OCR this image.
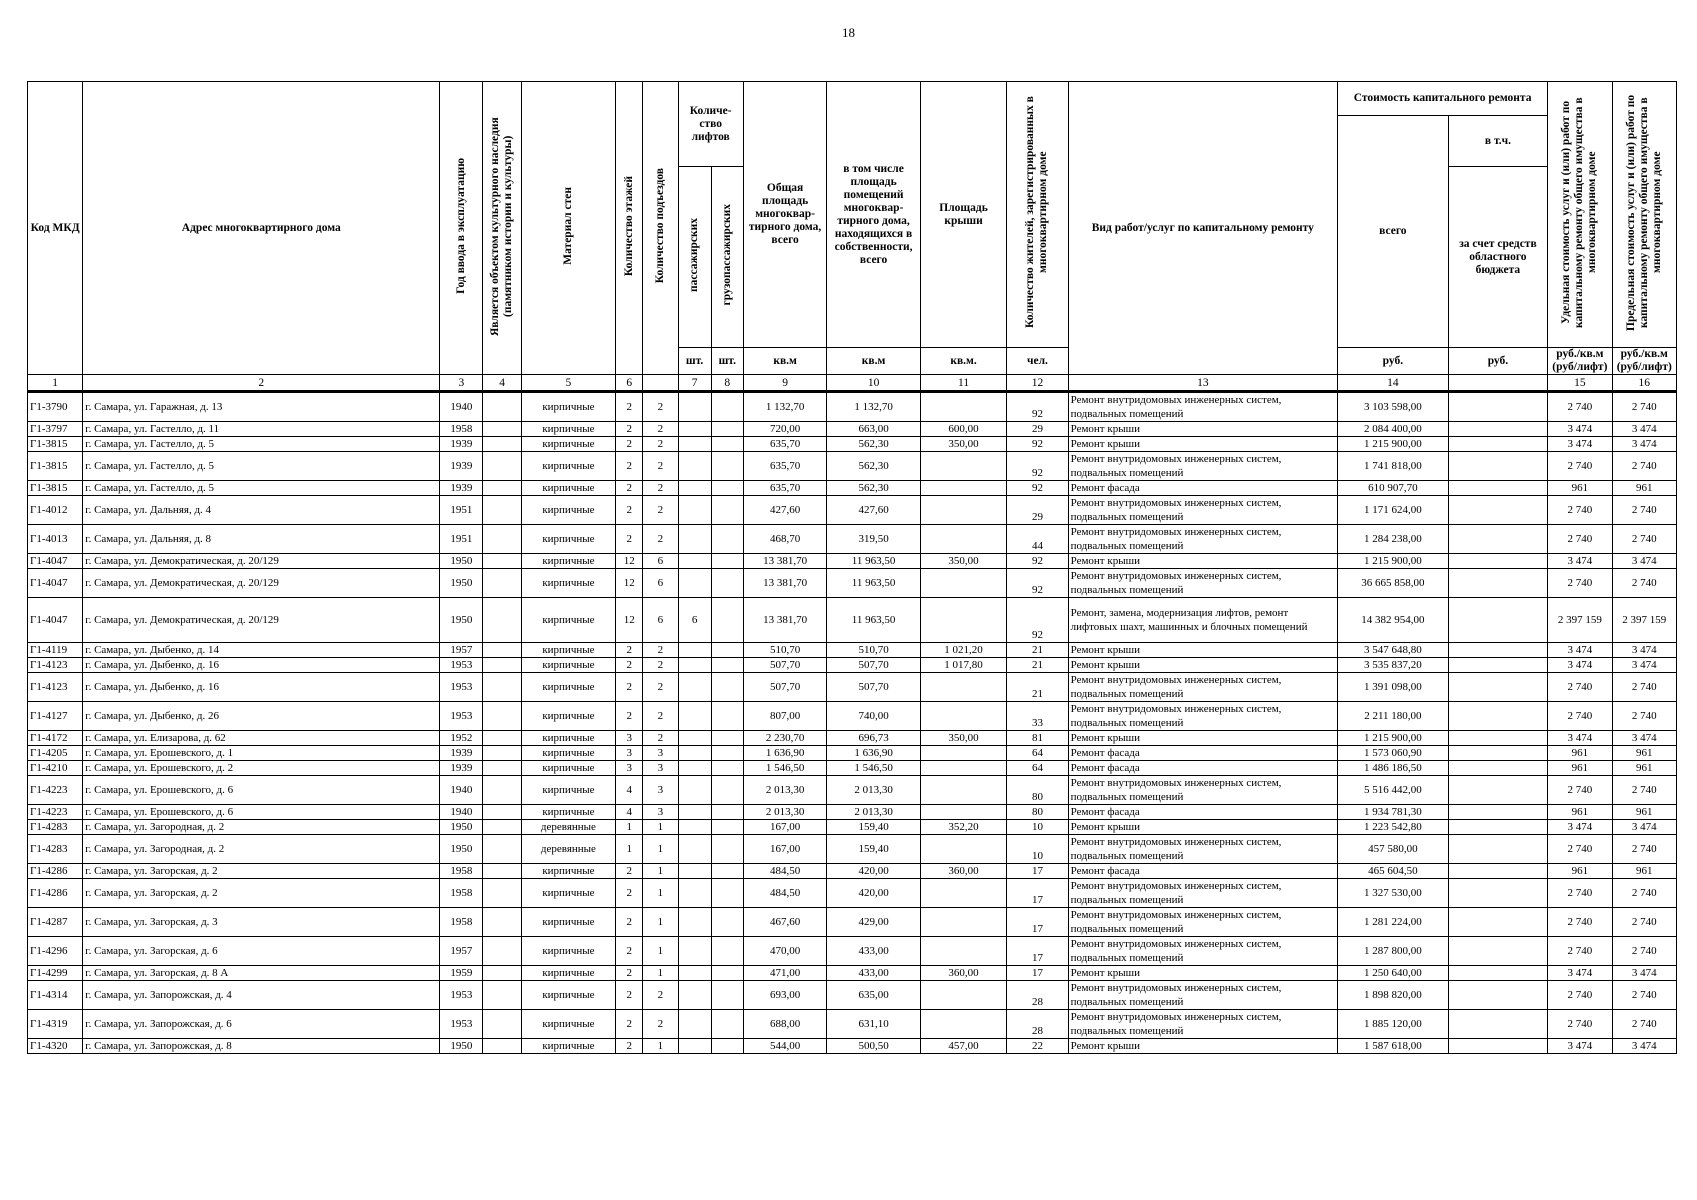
18
Код МКД	Адрес многоквартирного дома	Год ввода в эксплуатацию	Является объектом культурного наследия (памятником истории и культуры)	Материал стен	Количество этажей	Количество подъездов	Количе-ство лифтов		Общая площадь многоквар-тирного дома, всего	в том числе площадь помещений многоквар-тирного дома, находящихся в собственности, всего	Площадь крыши	Количество жителей, зарегистрированных в многоквартирном доме	Вид работ/услуг по капитальному ремонту	Стоимость капитального ремонта		Удельная стоимость услуг и (или) работ по капитальному ремонту общего имущества в многоквартирном доме	Предельная стоимость услуг и (или) работ по капитальному ремонту общего имущества в многоквартирном доме
														всего	в т.ч.		
							пассажирских	грузопассажирских							за счет средств областного бюджета		
							шт.	шт.	кв.м	кв.м	кв.м.	чел.		руб.	руб.	руб./кв.м (руб/лифт)	руб./кв.м (руб/лифт)
1	2	3	4	5	6		7	8	9	10	11	12	13	14		15	16
Г1-3790	г. Самара, ул. Гаражная, д. 13	1940		кирпичные	2	2			1 132,70	1 132,70		92	Ремонт внутридомовых инженерных систем, подвальных помещений	3 103 598,00		2 740	2 740
Г1-3797	г. Самара, ул. Гастелло, д. 11	1958		кирпичные	2	2			720,00	663,00	600,00	29	Ремонт крыши	2 084 400,00		3 474	3 474
Г1-3815	г. Самара, ул. Гастелло, д. 5	1939		кирпичные	2	2			635,70	562,30	350,00	92	Ремонт крыши	1 215 900,00		3 474	3 474
Г1-3815	г. Самара, ул. Гастелло, д. 5	1939		кирпичные	2	2			635,70	562,30		92	Ремонт внутридомовых инженерных систем, подвальных помещений	1 741 818,00		2 740	2 740
Г1-3815	г. Самара, ул. Гастелло, д. 5	1939		кирпичные	2	2			635,70	562,30		92	Ремонт фасада	610 907,70		961	961
Г1-4012	г. Самара, ул. Дальняя, д. 4	1951		кирпичные	2	2			427,60	427,60		29	Ремонт внутридомовых инженерных систем, подвальных помещений	1 171 624,00		2 740	2 740
Г1-4013	г. Самара, ул. Дальняя, д. 8	1951		кирпичные	2	2			468,70	319,50		44	Ремонт внутридомовых инженерных систем, подвальных помещений	1 284 238,00		2 740	2 740
Г1-4047	г. Самара, ул. Демократическая, д. 20/129	1950		кирпичные	12	6			13 381,70	11 963,50	350,00	92	Ремонт крыши	1 215 900,00		3 474	3 474
Г1-4047	г. Самара, ул. Демократическая, д. 20/129	1950		кирпичные	12	6			13 381,70	11 963,50		92	Ремонт внутридомовых инженерных систем, подвальных помещений	36 665 858,00		2 740	2 740
Г1-4047	г. Самара, ул. Демократическая, д. 20/129	1950		кирпичные	12	6	6		13 381,70	11 963,50		92	Ремонт, замена, модернизация лифтов, ремонт лифтовых шахт, машинных и блочных помещений	14 382 954,00		2 397 159	2 397 159
Г1-4119	г. Самара, ул. Дыбенко, д. 14	1957		кирпичные	2	2			510,70	510,70	1 021,20	21	Ремонт крыши	3 547 648,80		3 474	3 474
Г1-4123	г. Самара, ул. Дыбенко, д. 16	1953		кирпичные	2	2			507,70	507,70	1 017,80	21	Ремонт крыши	3 535 837,20		3 474	3 474
Г1-4123	г. Самара, ул. Дыбенко, д. 16	1953		кирпичные	2	2			507,70	507,70		21	Ремонт внутридомовых инженерных систем, подвальных помещений	1 391 098,00		2 740	2 740
Г1-4127	г. Самара, ул. Дыбенко, д. 26	1953		кирпичные	2	2			807,00	740,00		33	Ремонт внутридомовых инженерных систем, подвальных помещений	2 211 180,00		2 740	2 740
Г1-4172	г. Самара, ул. Елизарова, д. 62	1952		кирпичные	3	2			2 230,70	696,73	350,00	81	Ремонт крыши	1 215 900,00		3 474	3 474
Г1-4205	г. Самара, ул. Ерошевского, д. 1	1939		кирпичные	3	3			1 636,90	1 636,90		64	Ремонт фасада	1 573 060,90		961	961
Г1-4210	г. Самара, ул. Ерошевского, д. 2	1939		кирпичные	3	3			1 546,50	1 546,50		64	Ремонт фасада	1 486 186,50		961	961
Г1-4223	г. Самара, ул. Ерошевского, д. 6	1940		кирпичные	4	3			2 013,30	2 013,30		80	Ремонт внутридомовых инженерных систем, подвальных помещений	5 516 442,00		2 740	2 740
Г1-4223	г. Самара, ул. Ерошевского, д. 6	1940		кирпичные	4	3			2 013,30	2 013,30		80	Ремонт фасада	1 934 781,30		961	961
Г1-4283	г. Самара, ул. Загородная, д. 2	1950		деревянные	1	1			167,00	159,40	352,20	10	Ремонт крыши	1 223 542,80		3 474	3 474
Г1-4283	г. Самара, ул. Загородная, д. 2	1950		деревянные	1	1			167,00	159,40		10	Ремонт внутридомовых инженерных систем, подвальных помещений	457 580,00		2 740	2 740
Г1-4286	г. Самара, ул. Загорская, д. 2	1958		кирпичные	2	1			484,50	420,00	360,00	17	Ремонт фасада	465 604,50		961	961
Г1-4286	г. Самара, ул. Загорская, д. 2	1958		кирпичные	2	1			484,50	420,00		17	Ремонт внутридомовых инженерных систем, подвальных помещений	1 327 530,00		2 740	2 740
Г1-4287	г. Самара, ул. Загорская, д. 3	1958		кирпичные	2	1			467,60	429,00		17	Ремонт внутридомовых инженерных систем, подвальных помещений	1 281 224,00		2 740	2 740
Г1-4296	г. Самара, ул. Загорская, д. 6	1957		кирпичные	2	1			470,00	433,00		17	Ремонт внутридомовых инженерных систем, подвальных помещений	1 287 800,00		2 740	2 740
Г1-4299	г. Самара, ул. Загорская, д. 8 А	1959		кирпичные	2	1			471,00	433,00	360,00	17	Ремонт крыши	1 250 640,00		3 474	3 474
Г1-4314	г. Самара, ул. Запорожская, д. 4	1953		кирпичные	2	2			693,00	635,00		28	Ремонт внутридомовых инженерных систем, подвальных помещений	1 898 820,00		2 740	2 740
Г1-4319	г. Самара, ул. Запорожская, д. 6	1953		кирпичные	2	2			688,00	631,10		28	Ремонт внутридомовых инженерных систем, подвальных помещений	1 885 120,00		2 740	2 740
Г1-4320	г. Самара, ул. Запорожская, д. 8	1950		кирпичные	2	1			544,00	500,50	457,00	22	Ремонт крыши	1 587 618,00		3 474	3 474
